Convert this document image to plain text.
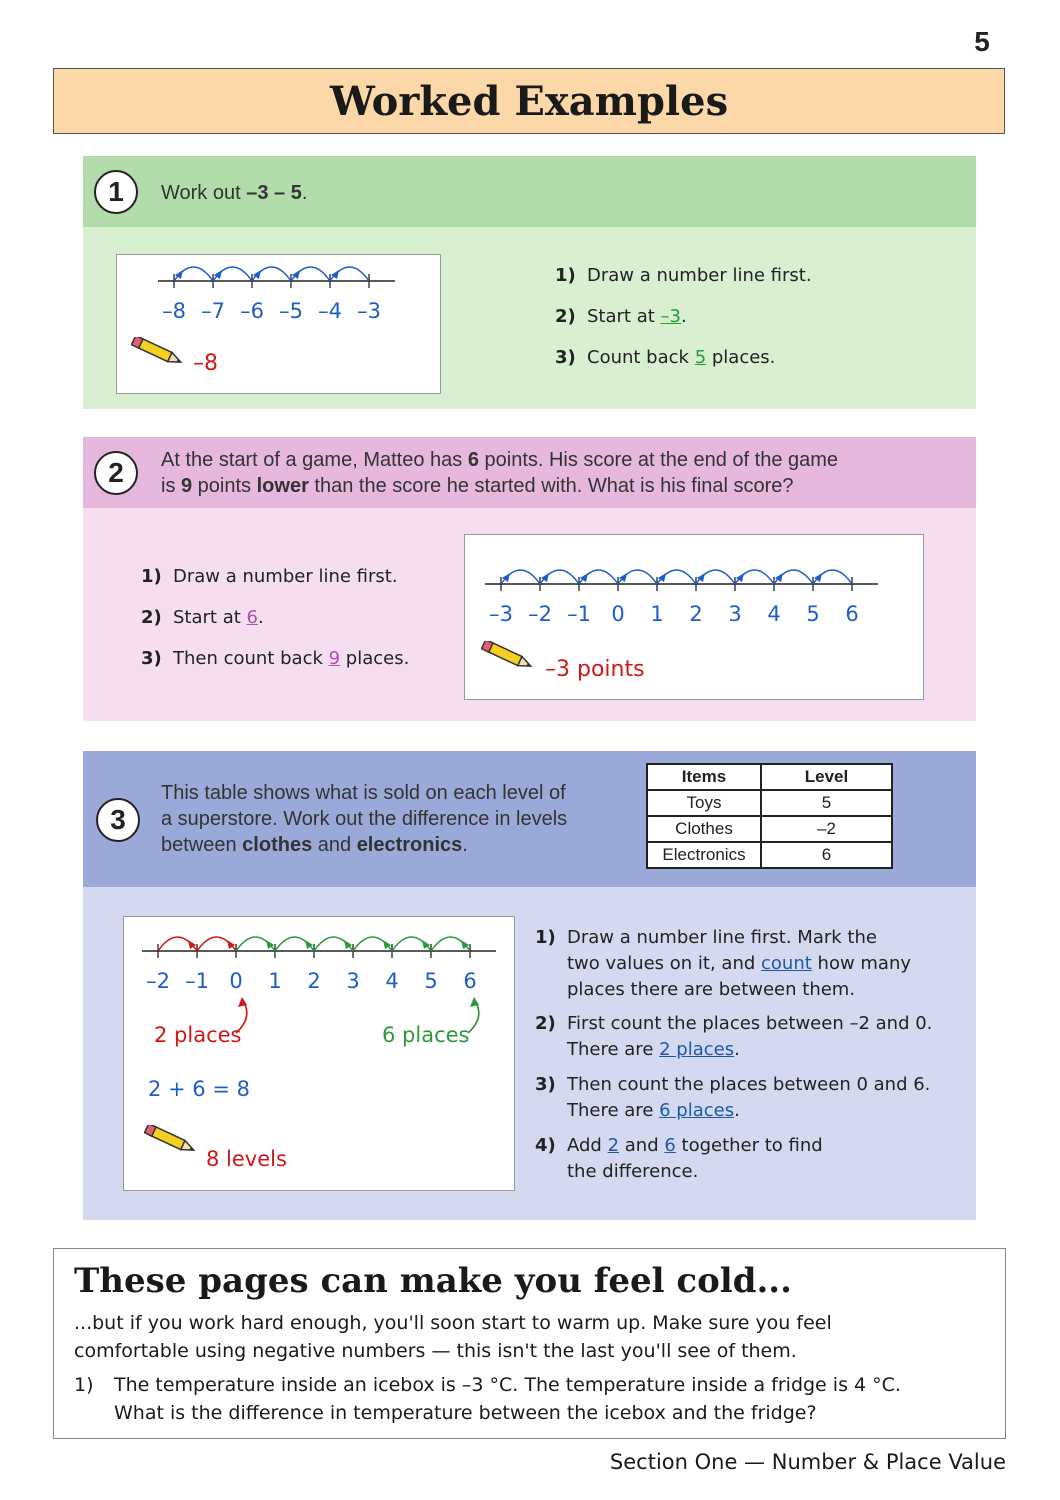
5
Worked Examples
1	Work out –3 – 5.
–8 –7 –6 –5 –4 –3
–8
1) Draw a number line first.
2) Start at –3.
3) Count back 5 places.
2	At the start of a game, Matteo has 6 points. His score at the end of the game
is 9 points lower than the score he started with. What is his final score?
1) Draw a number line first.
2) Start at 6.
3) Then count back 9 places.
–3 –2 –1 0 1 2 3 4 5 6
–3 points
3
This table shows what is sold on each level of
a superstore. Work out the difference in levels
between clothes and electronics.
Items	Level
Toys	5
Clothes	–2
Electronics	6
–2 –1 0 1 2 3 4 5 6
2 places	6 places
2 + 6 = 8
8 levels
1) Draw a number line first. Mark the
two values on it, and count how many
places there are between them.
2) First count the places between –2 and 0.
There are 2 places.
3) Then count the places between 0 and 6.
There are 6 places.
4) Add 2 and 6 together to find
the difference.
These pages can make you feel cold...
...but if you work hard enough, you'll soon start to warm up. Make sure you feel
comfortable using negative numbers — this isn't the last you'll see of them.
1) The temperature inside an icebox is –3 °C. The temperature inside a fridge is 4 °C.
What is the difference in temperature between the icebox and the fridge?
Section One — Number & Place Value
